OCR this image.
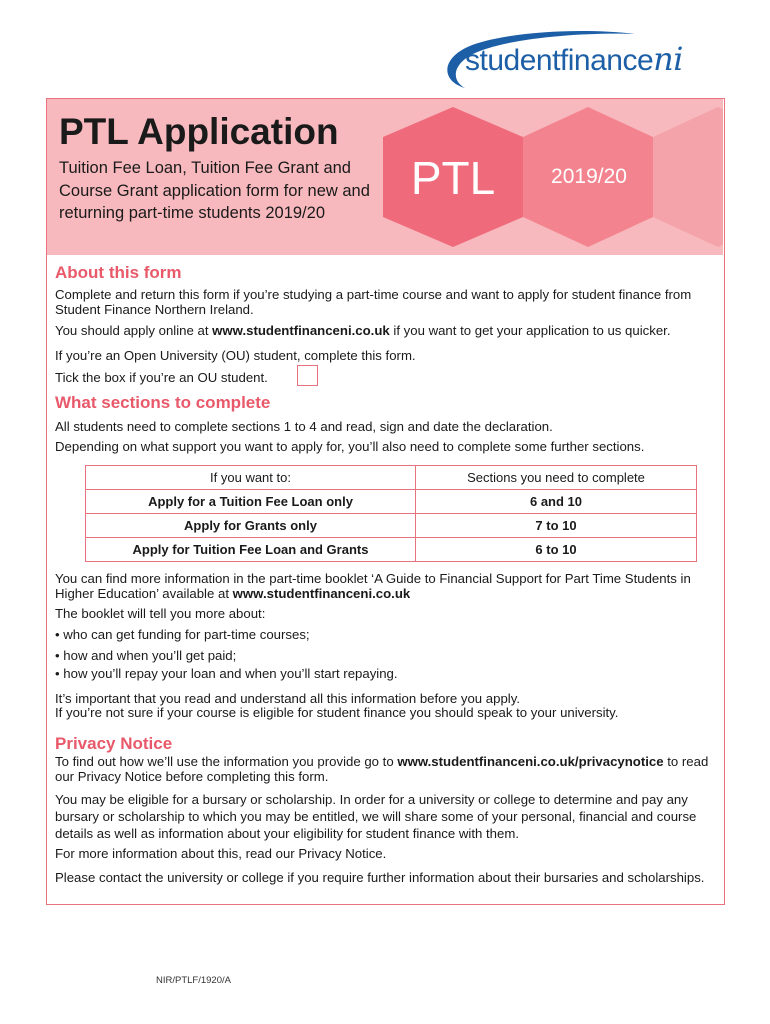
studentfinanceni
PTL Application
Tuition Fee Loan, Tuition Fee Grant and Course Grant application form for new and returning part-time students 2019/20
PTL	2019/20
About this form
Complete and return this form if you’re studying a part-time course and want to apply for student finance from Student Finance Northern Ireland.
You should apply online at www.studentfinanceni.co.uk if you want to get your application to us quicker.
If you’re an Open University (OU) student, complete this form.
Tick the box if you’re an OU student.
What sections to complete
All students need to complete sections 1 to 4 and read, sign and date the declaration.
Depending on what support you want to apply for, you’ll also need to complete some further sections.
If you want to:	Sections you need to complete
Apply for a Tuition Fee Loan only	6 and 10
Apply for Grants only	7 to 10
Apply for Tuition Fee Loan and Grants	6 to 10
You can find more information in the part-time booklet ‘A Guide to Financial Support for Part Time Students in Higher Education’ available at www.studentfinanceni.co.uk
The booklet will tell you more about:
• who can get funding for part-time courses;
• how and when you’ll get paid;
• how you’ll repay your loan and when you’ll start repaying.
It’s important that you read and understand all this information before you apply.
If you’re not sure if your course is eligible for student finance you should speak to your university.
Privacy Notice
To find out how we’ll use the information you provide go to www.studentfinanceni.co.uk/privacynotice to read our Privacy Notice before completing this form.
You may be eligible for a bursary or scholarship. In order for a university or college to determine and pay any bursary or scholarship to which you may be entitled, we will share some of your personal, financial and course details as well as information about your eligibility for student finance with them.
For more information about this, read our Privacy Notice.
Please contact the university or college if you require further information about their bursaries and scholarships.
NIR/PTLF/1920/A
